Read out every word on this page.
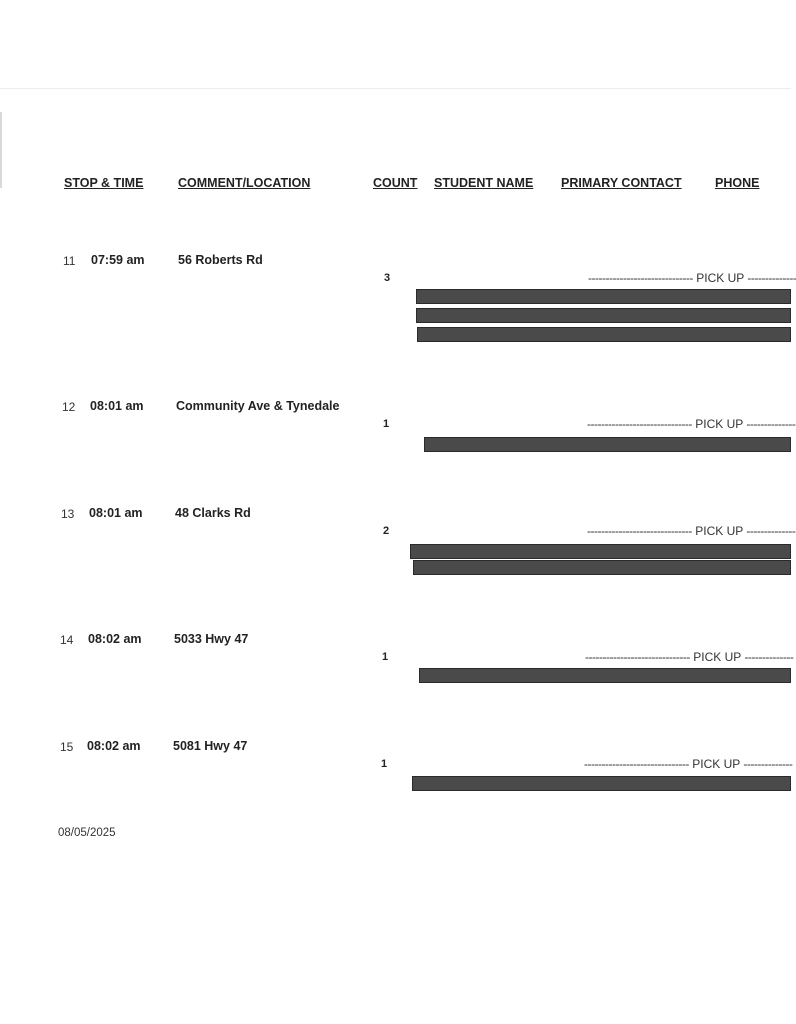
STOP & TIME	COMMENT/LOCATION	COUNT STUDENT NAME PRIMARY CONTACT	PHONE
11 07:59 am	56 Roberts Rd
3	------------------------------ PICK UP --------------
12 08:01 am	Community Ave & Tynedale
1	------------------------------ PICK UP --------------
13 08:01 am	48 Clarks Rd
2	------------------------------ PICK UP --------------
14 08:02 am	5033 Hwy 47
1	------------------------------ PICK UP --------------
15 08:02 am	5081 Hwy 47
1	------------------------------ PICK UP --------------
08/05/2025
